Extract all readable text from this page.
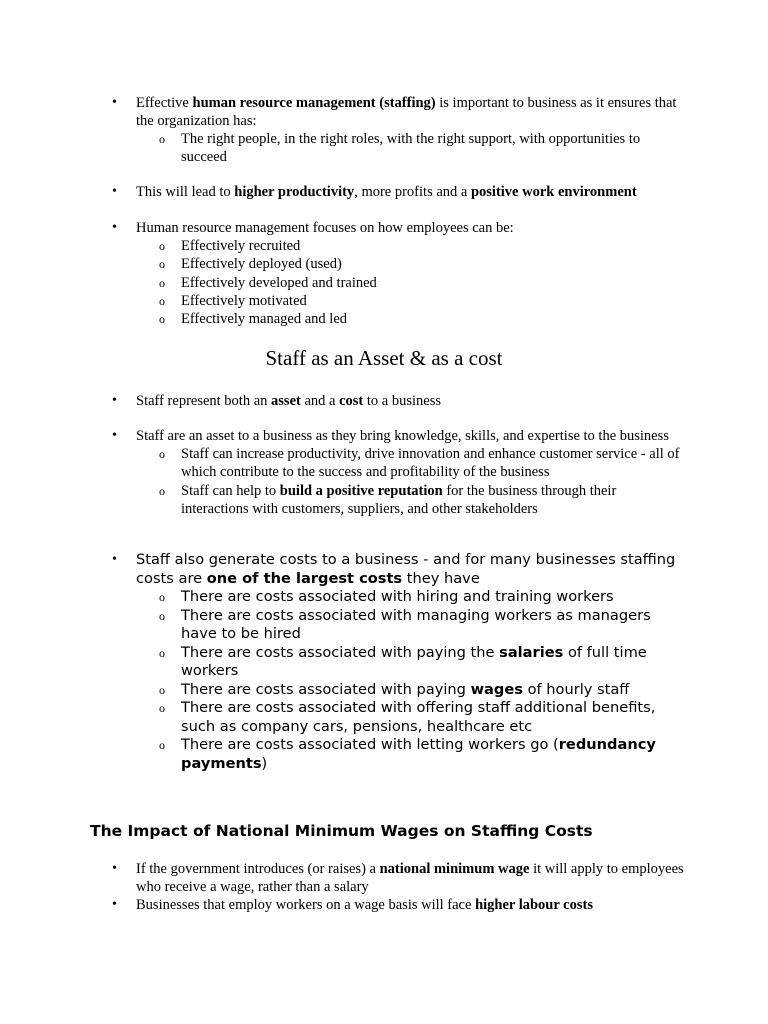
• Effective human resource management (staffing) is important to business as it ensures that the organization has:
o The right people, in the right roles, with the right support, with opportunities to succeed
• This will lead to higher productivity, more profits and a positive work environment
• Human resource management focuses on how employees can be:
o Effectively recruited
o Effectively deployed (used)
o Effectively developed and trained
o Effectively motivated
o Effectively managed and led
Staff as an Asset & as a cost
• Staff represent both an asset and a cost to a business
• Staff are an asset to a business as they bring knowledge, skills, and expertise to the business
o Staff can increase productivity, drive innovation and enhance customer service - all of which contribute to the success and profitability of the business
o Staff can help to build a positive reputation for the business through their interactions with customers, suppliers, and other stakeholders
• Staff also generate costs to a business - and for many businesses staffing costs are one of the largest costs they have
o There are costs associated with hiring and training workers
o There are costs associated with managing workers as managers have to be hired
o There are costs associated with paying the salaries of full time workers
o There are costs associated with paying wages of hourly staff
o There are costs associated with offering staff additional benefits, such as company cars, pensions, healthcare etc
o There are costs associated with letting workers go (redundancy payments)
The Impact of National Minimum Wages on Staffing Costs
• If the government introduces (or raises) a national minimum wage it will apply to employees who receive a wage, rather than a salary
• Businesses that employ workers on a wage basis will face higher labour costs
